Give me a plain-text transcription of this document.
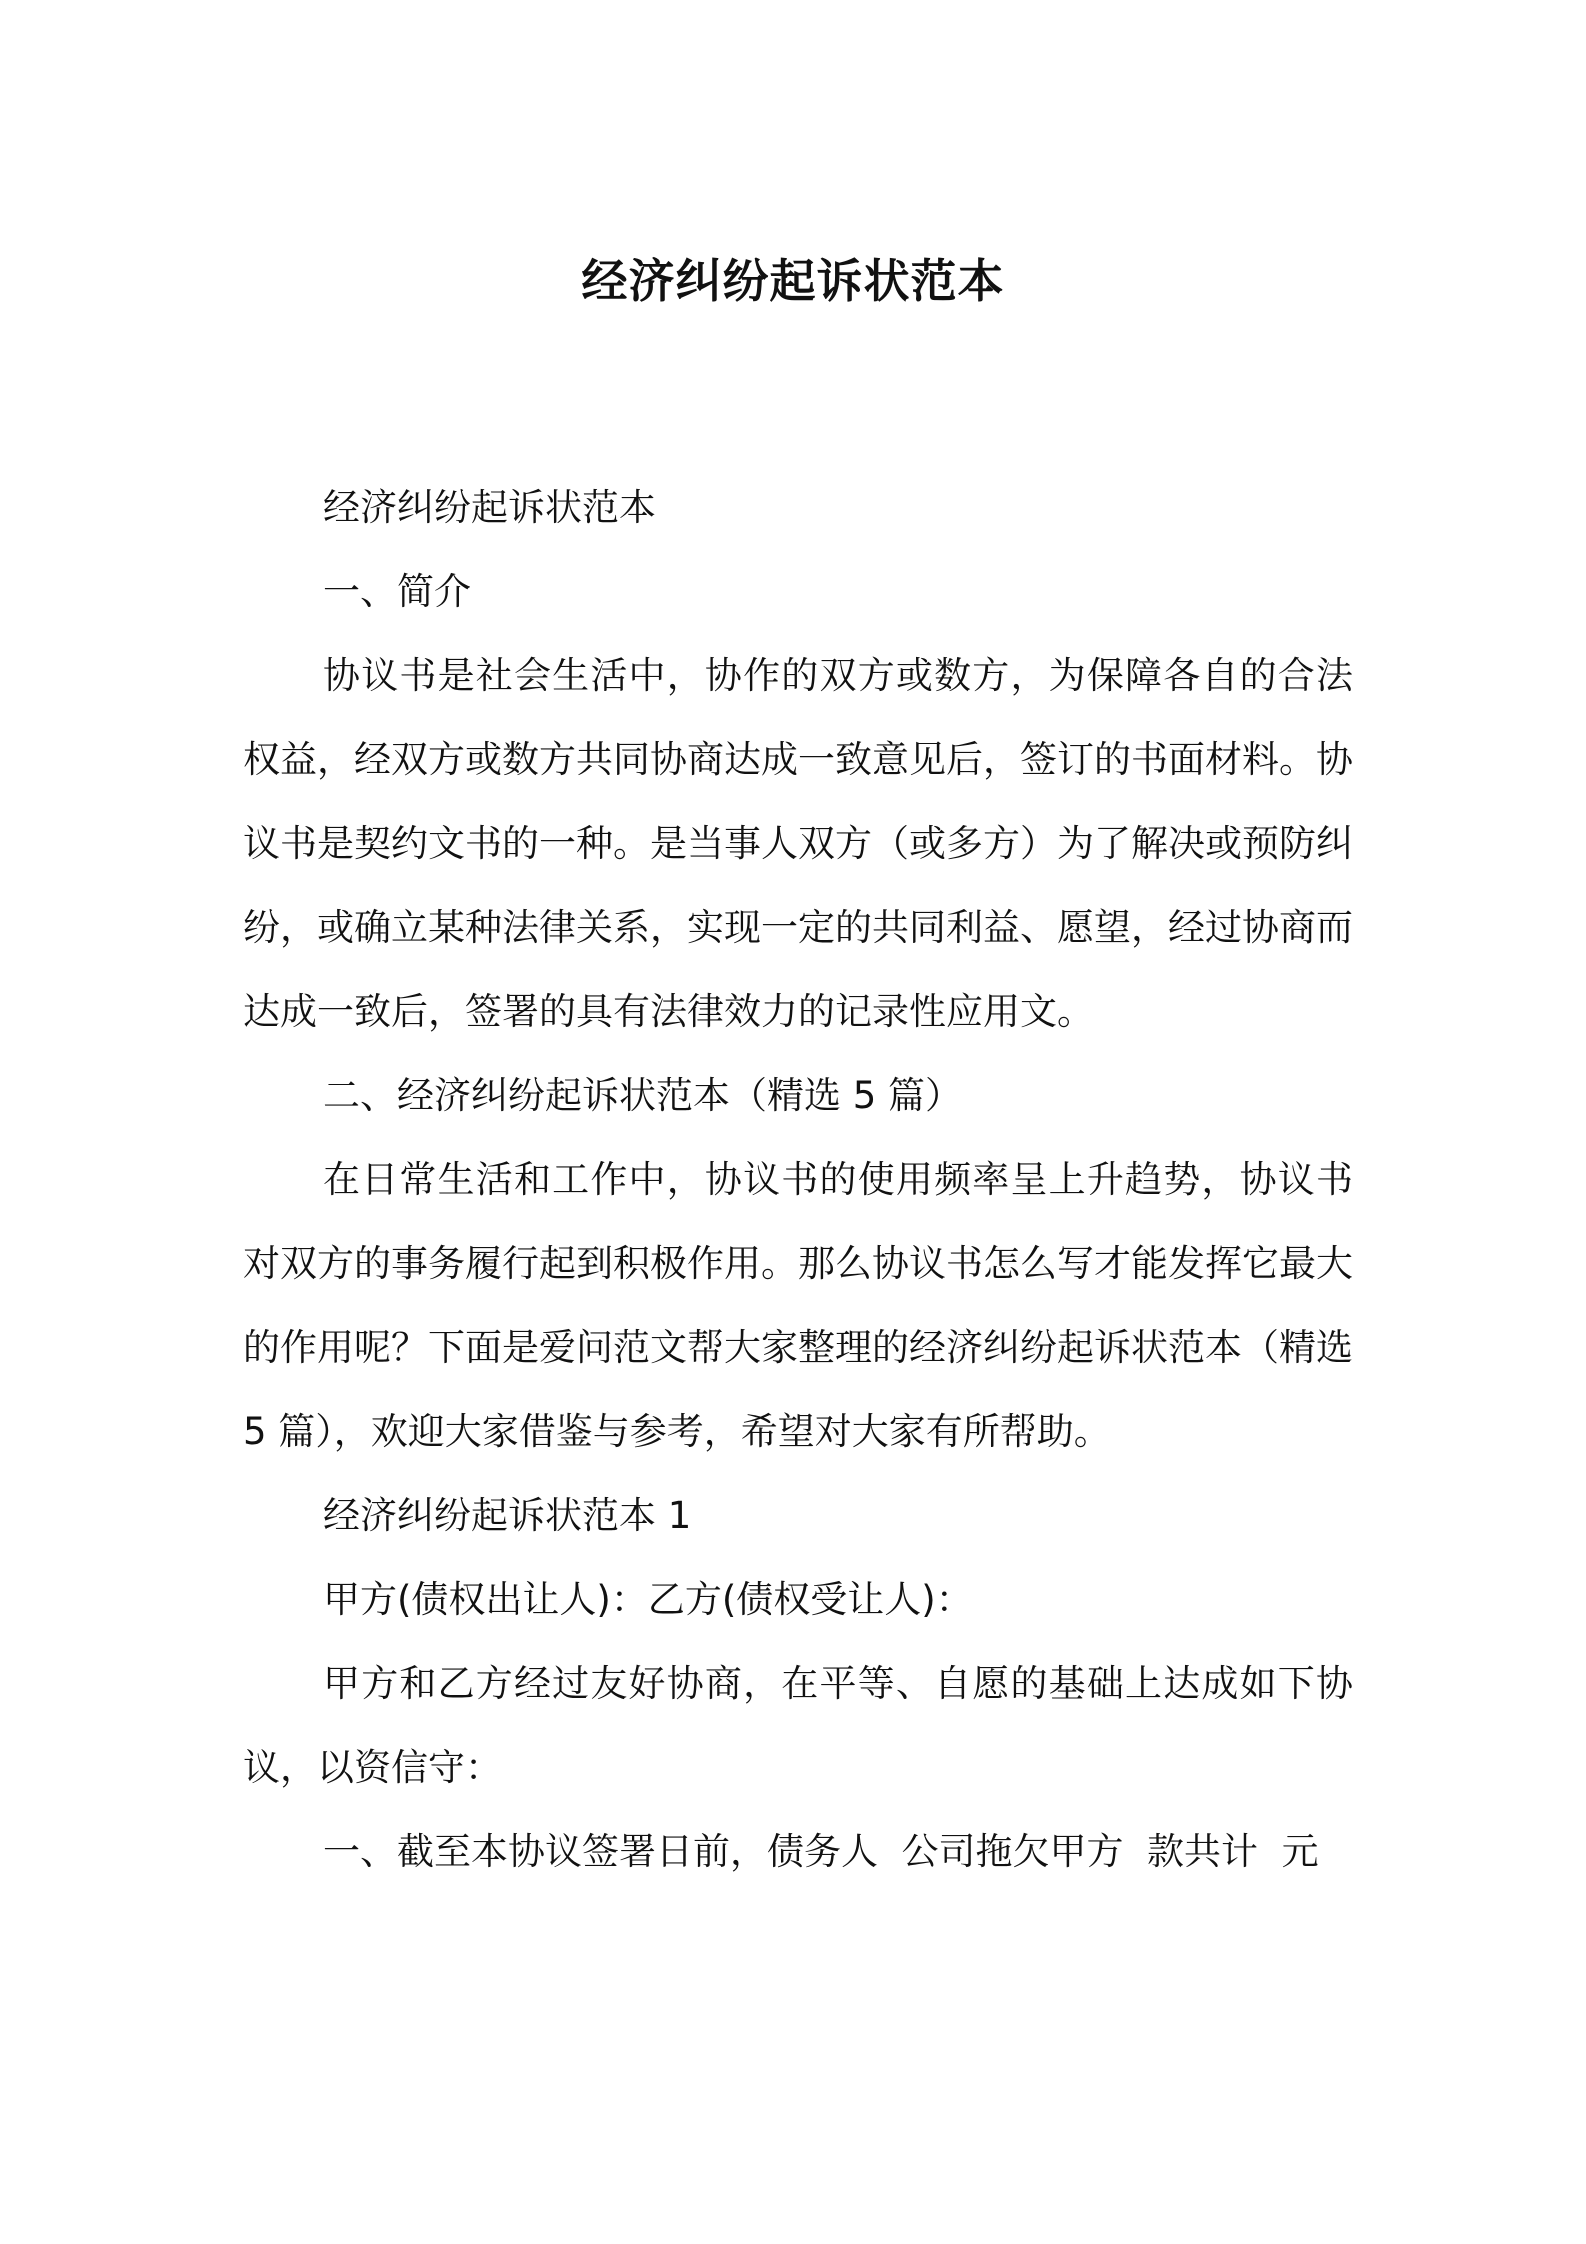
经济纠纷起诉状范本

经济纠纷起诉状范本

一、简介

协议书是社会生活中，协作的双方或数方，为保障各自的合法权益，经双方或数方共同协商达成一致意见后，签订的书面材料。协议书是契约文书的一种。是当事人双方（或多方）为了解决或预防纠纷，或确立某种法律关系，实现一定的共同利益、愿望，经过协商而达成一致后，签署的具有法律效力的记录性应用文。

二、经济纠纷起诉状范本（精选 5 篇）

在日常生活和工作中，协议书的使用频率呈上升趋势，协议书对双方的事务履行起到积极作用。那么协议书怎么写才能发挥它最大的作用呢？下面是爱问范文帮大家整理的经济纠纷起诉状范本（精选 5 篇），欢迎大家借鉴与参考，希望对大家有所帮助。

经济纠纷起诉状范本 1

甲方(债权出让人)：乙方(债权受让人)：

甲方和乙方经过友好协商，在平等、自愿的基础上达成如下协议，以资信守：

一、截至本协议签署日前，债务人  公司拖欠甲方  款共计  元
